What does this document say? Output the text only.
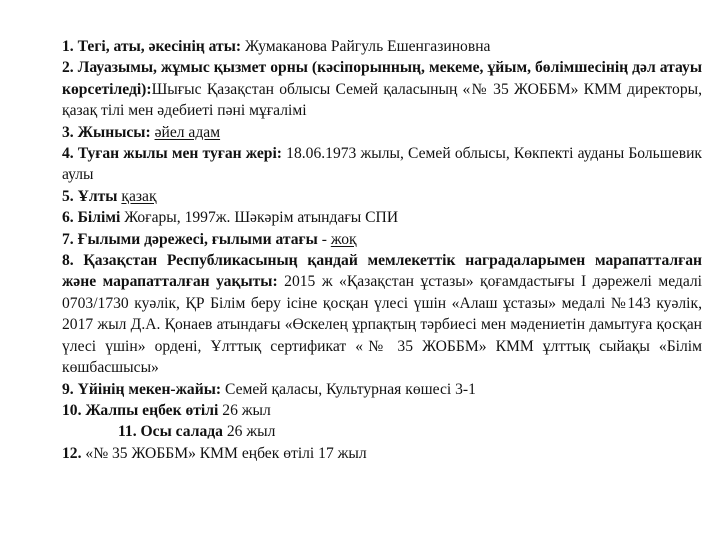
1. Тегі, аты, әкесінің аты: Жумаканова Райгуль Ешенгазиновна

2. Лауазымы, жұмыс қызмет орны (кәсіпорынның, мекеме, ұйым, бөлімшесінің дәл атауы көрсетіледі):Шығыс Қазақстан облысы Семей қаласының «№ 35 ЖОББМ» КММ директоры, қазақ тілі мен әдебиеті пәні мұғалімі

3. Жынысы: әйел адам

4. Туған жылы мен туған жері: 18.06.1973 жылы, Семей облысы, Көкпекті ауданы Большевик аулы

5. Ұлты қазақ

6. Білімі Жоғары, 1997ж. Шәкәрім атындағы СПИ

7. Ғылыми дәрежесі, ғылыми атағы - жоқ

8. Қазақстан Республикасының қандай мемлекеттік наградаларымен марапатталған және марапатталған уақыты: 2015 ж «Қазақстан ұстазы» қоғамдастығы I дәрежелі медалі 0703/1730 куәлік, ҚР Білім беру ісіне қосқан үлесі үшін «Алаш ұстазы» медалі №143 куәлік, 2017 жыл Д.А. Қонаев атындағы «Өскелең ұрпақтың тәрбиесі мен мәдениетін дамытуға қосқан үлесі үшін» ордені, Ұлттық сертификат «№ 35 ЖОББМ» КММ ұлттық сыйақы «Білім көшбасшысы»

9. Үйінің мекен-жайы: Семей қаласы, Культурная көшесі 3-1

10. Жалпы еңбек өтілі 26 жыл

11. Осы салада 26 жыл

12. «№ 35 ЖОББМ» КММ еңбек өтілі 17 жыл
